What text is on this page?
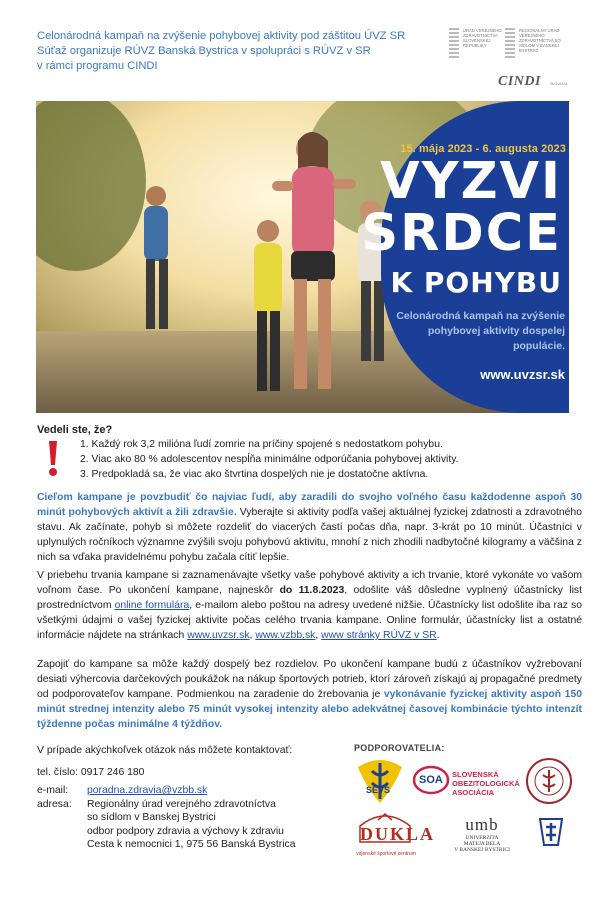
Celonárodná kampaň na zvýšenie pohybovej aktivity pod záštitou ÚVZ SR
Súťaž organizuje RÚVZ Banská Bystrica v spolupráci s RÚVZ v SR
v rámci programu CINDI
ÚRAD VEREJNÉHO ZDRAVOTNÍCTVA SLOVENSKEJ REPUBLIKY
REGIONÁLNY ÚRAD VEREJNÉHO ZDRAVOTNÍCTVA SO SÍDLOM V BANSKEJ BYSTRICI
CINDI	SLOVAKIA
15. mája 2023 - 6. augusta 2023
VYZVI
SRDCE
K POHYBU
Celonárodná kampaň na zvýšenie pohybovej aktivity dospelej populácie.
www.uvzsr.sk
Vedeli ste, že?
1. Každý rok 3,2 milióna ľudí zomrie na príčiny spojené s nedostatkom pohybu.
2. Viac ako 80 % adolescentov nespĺňa minimálne odporúčania pohybovej aktivity.
3. Predpokladá sa, že viac ako štvrtina dospelých nie je dostatočne aktívna.
Cieľom kampane je povzbudiť čo najviac ľudí, aby zaradili do svojho voľného času každodenne aspoň 30 minút pohybových aktivít a žili zdravšie. Vyberajte si aktivity podľa vašej aktuálnej fyzickej zdatnosti a zdravotného stavu. Ak začínate, pohyb si môžete rozdeliť do viacerých častí počas dňa, napr. 3-krát po 10 minút. Účastníci v uplynulých ročníkoch významne zvýšili svoju pohybovú aktivitu, mnohí z nich zhodili nadbytočné kilogramy a väčšina z nich sa vďaka pravidelnému pohybu začala cítiť lepšie.
V priebehu trvania kampane si zaznamenávajte všetky vaše pohybové aktivity a ich trvanie, ktoré vykonáte vo vašom voľnom čase. Po ukončení kampane, najneskôr do 11.8.2023, odošlite váš dôsledne vyplnený účastnícky list prostredníctvom online formulára, e-mailom alebo poštou na adresy uvedené nižšie. Účastnícky list odošlite iba raz so všetkými údajmi o vašej fyzickej aktivite počas celého trvania kampane. Online formulár, účastnícky list a ostatné informácie nájdete na stránkach www.uvzsr.sk, www.vzbb.sk, www stránky RÚVZ v SR.
Zapojiť do kampane sa môže každý dospelý bez rozdielov. Po ukončení kampane budú z účastníkov vyžrebovaní desiati výhercovia darčekových poukážok na nákup športových potrieb, ktorí zároveň získajú aj propagačné predmety od podporovateľov kampane. Podmienkou na zaradenie do žrebovania je vykonávanie fyzickej aktivity aspoň 150 minút strednej intenzity alebo 75 minút vysokej intenzity alebo adekvátnej časovej kombinácie týchto intenzít týždenne počas minimálne 4 týždňov.
V prípade akýchkoľvek otázok nás môžete kontaktovať:
tel. číslo: 0917 246 180
e-mail:	poradna.zdravia@vzbb.sk
adresa:	Regionálny úrad verejného zdravotníctva
so sídlom v Banskej Bystrici
odbor podpory zdravia a výchovy k zdraviu
Cesta k nemocnici 1, 975 56 Banská Bystrica
PODPOROVATELIA:
SEVS
SOA SLOVENSKÁ
OBEZITOLOGICKÁ
ASOCIÁCIA
DUKLA
vojenské športové centrum
umb
UNIVERZITA
MATEJA BELA
V BANSKEJ BYSTRICI
